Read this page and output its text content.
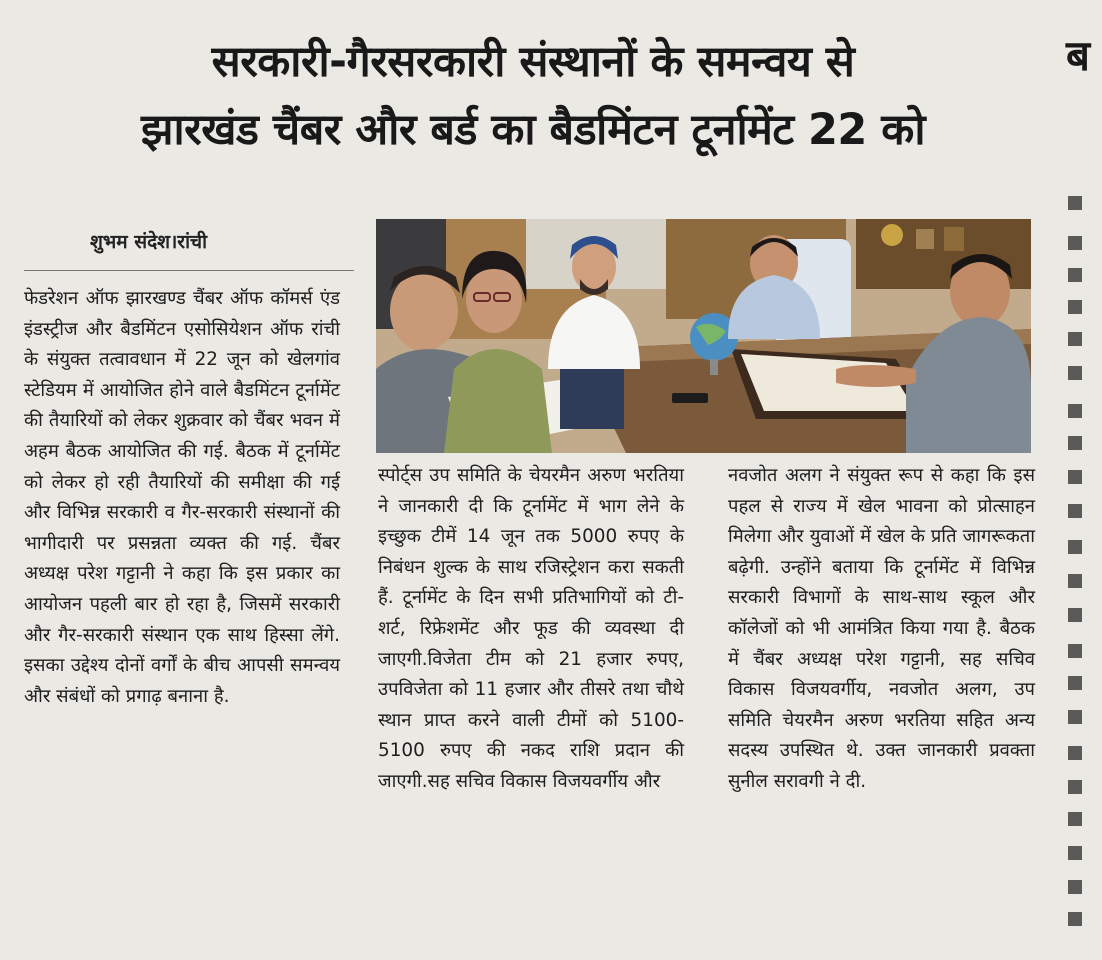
सरकारी-गैरसरकारी संस्थानों के समन्वय से
झारखंड चैंबर और बर्ड का बैडमिंटन टूर्नामेंट 22 को
ब
शुभम संदेश।रांची
फेडरेशन ऑफ झारखण्ड चैंबर ऑफ कॉमर्स एंड इंडस्ट्रीज और बैडमिंटन एसोसियेशन ऑफ रांची के संयुक्त तत्वावधान में 22 जून को खेलगांव स्टेडियम में आयोजित होने वाले बैडमिंटन टूर्नामेंट की तैयारियों को लेकर शुक्रवार को चैंबर भवन में अहम बैठक आयोजित की गई. बैठक में टूर्नामेंट को लेकर हो रही तैयारियों की समीक्षा की गई और विभिन्न सरकारी व गैर-सरकारी संस्थानों की भागीदारी पर प्रसन्नता व्यक्त की गई. चैंबर अध्यक्ष परेश गट्टानी ने कहा कि इस प्रकार का आयोजन पहली बार हो रहा है, जिसमें सरकारी और गैर-सरकारी संस्थान एक साथ हिस्सा लेंगे. इसका उद्देश्य दोनों वर्गों के बीच आपसी समन्वय और संबंधों को प्रगाढ़ बनाना है.
स्पोर्ट्स उप समिति के चेयरमैन अरुण भरतिया ने जानकारी दी कि टूर्नामेंट में भाग लेने के इच्छुक टीमें 14 जून तक 5000 रुपए के निबंधन शुल्क के साथ रजिस्ट्रेशन करा सकती हैं. टूर्नामेंट के दिन सभी प्रतिभागियों को टी-शर्ट, रिफ्रेशमेंट और फूड की व्यवस्था दी जाएगी.विजेता टीम को 21 हजार रुपए, उपविजेता को 11 हजार और तीसरे तथा चौथे स्थान प्राप्त करने वाली टीमों को 5100-5100 रुपए की नकद राशि प्रदान की जाएगी.सह सचिव विकास विजयवर्गीय और
नवजोत अलग ने संयुक्त रूप से कहा कि इस पहल से राज्य में खेल भावना को प्रोत्साहन मिलेगा और युवाओं में खेल के प्रति जागरूकता बढ़ेगी. उन्होंने बताया कि टूर्नामेंट में विभिन्न सरकारी विभागों के साथ-साथ स्कूल और कॉलेजों को भी आमंत्रित किया गया है. बैठक में चैंबर अध्यक्ष परेश गट्टानी, सह सचिव विकास विजयवर्गीय, नवजोत अलग, उप समिति चेयरमैन अरुण भरतिया सहित अन्य सदस्य उपस्थित थे. उक्त जानकारी प्रवक्ता सुनील सरावगी ने दी.
